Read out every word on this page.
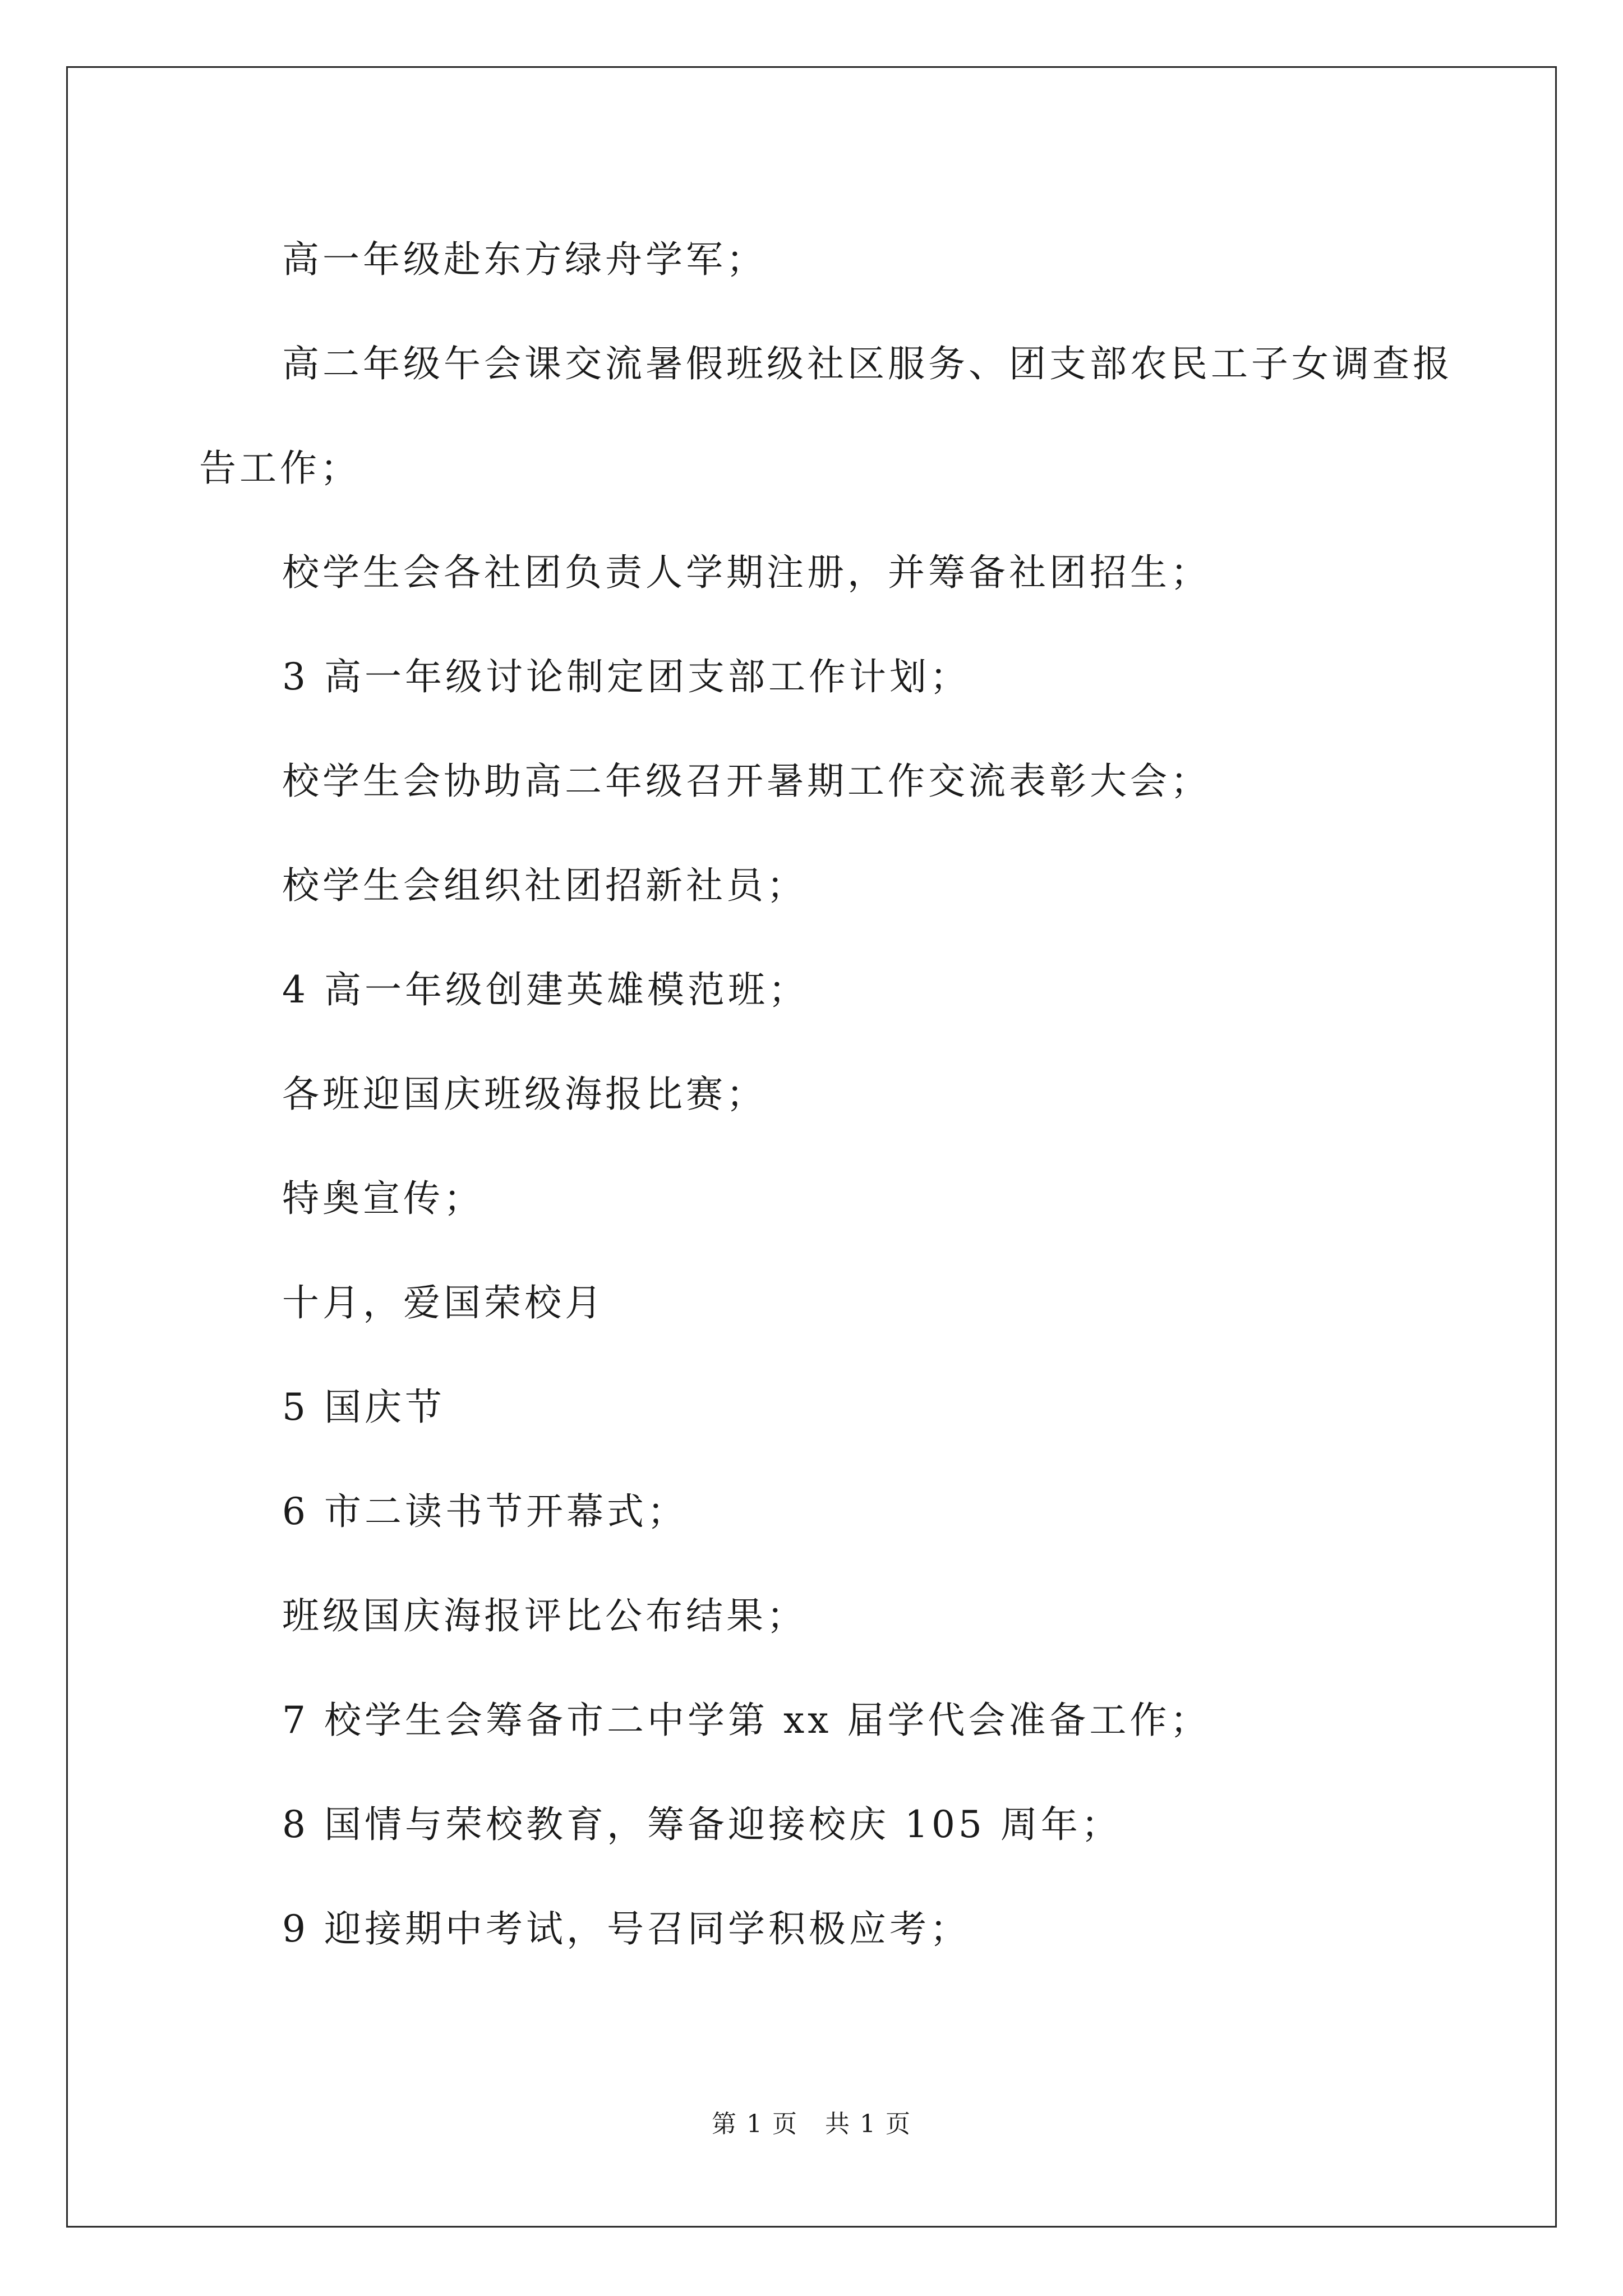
高一年级赴东方绿舟学军；

高二年级午会课交流暑假班级社区服务、团支部农民工子女调查报告工作；

校学生会各社团负责人学期注册，并筹备社团招生；

3 高一年级讨论制定团支部工作计划；

校学生会协助高二年级召开暑期工作交流表彰大会；

校学生会组织社团招新社员；

4 高一年级创建英雄模范班；

各班迎国庆班级海报比赛；

特奥宣传；

十月，爱国荣校月

5 国庆节

6 市二读书节开幕式；

班级国庆海报评比公布结果；

7 校学生会筹备市二中学第 xx 届学代会准备工作；

8 国情与荣校教育，筹备迎接校庆 105 周年；

9 迎接期中考试，号召同学积极应考；

第 1 页 共 1 页
